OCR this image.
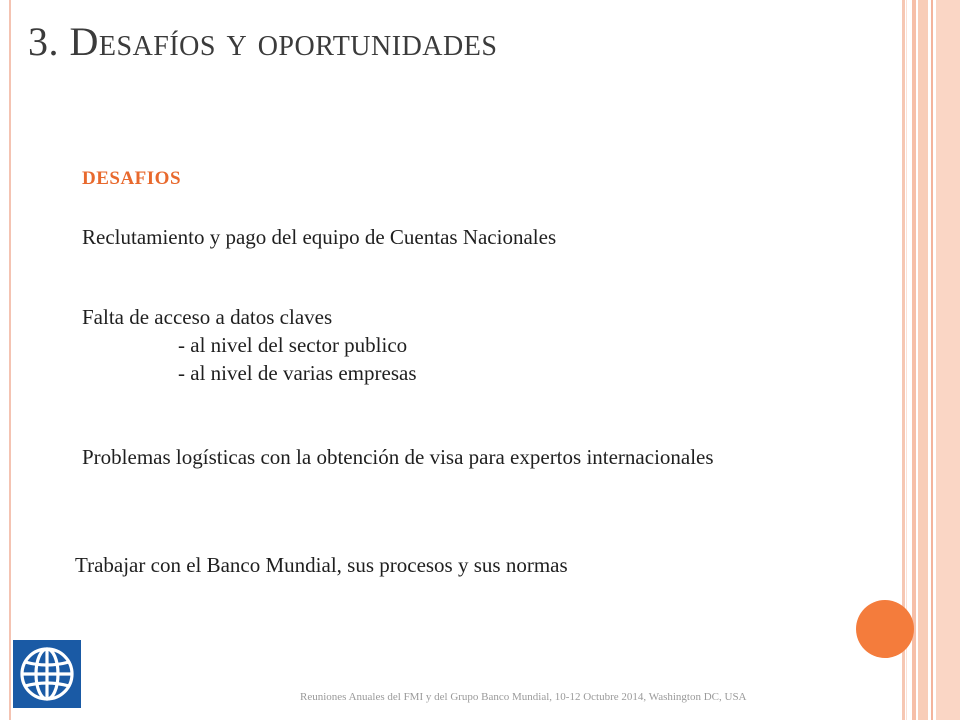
3. Desafíos y oportunidades
DESAFIOS
Reclutamiento y pago del equipo de Cuentas Nacionales
Falta de acceso a datos claves
- al nivel del sector publico
- al nivel de varias empresas
Problemas logísticas con la obtención de visa para expertos internacionales
Trabajar con el Banco Mundial, sus procesos y sus normas
Reuniones Anuales del FMI y del Grupo Banco Mundial, 10-12 Octubre 2014, Washington DC, USA
